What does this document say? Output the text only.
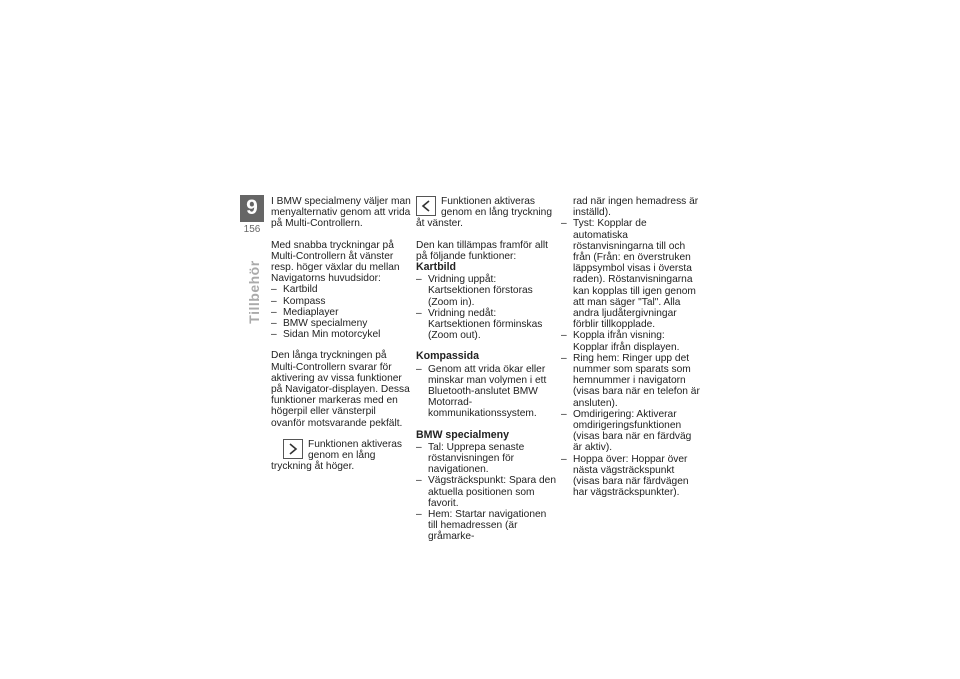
9
156
Tillbehör

I BMW specialmeny väljer man menyalternativ genom att vrida på Multi-Controllern.

Med snabba tryckningar på Multi-Controllern åt vänster resp. höger växlar du mellan Navigatorns huvudsidor:

– Kartbild
– Kompass
– Mediaplayer
– BMW specialmeny
– Sidan Min motorcykel

Den långa tryckningen på Multi-Controllern svarar för aktivering av vissa funktioner på Navigator-displayen. Dessa funktioner markeras med en högerpil eller vänsterpil ovanför motsvarande pekfält.

Funktionen aktiveras genom en lång tryckning åt höger.
Funktionen aktiveras genom en lång tryckning åt vänster.

Den kan tillämpas framför allt på följande funktioner:

Kartbild
– Vridning uppåt: Kartsektionen förstoras (Zoom in).
– Vridning nedåt: Kartsektionen förminskas (Zoom out).
Kompassida
– Genom att vrida ökar eller minskar man volymen i ett Bluetooth-anslutet BMW Motorrad-kommunikationssystem.
BMW specialmeny
– Tal: Upprepa senaste röstanvisningen för navigationen.
– Vägsträckspunkt: Spara den aktuella positionen som favorit.
– Hem: Startar navigationen till hemadressen (är gråmarke-

rad när ingen hemadress är inställd).

– Tyst: Kopplar de automatiska röstanvisningarna till och från (Från: en överstruken läppsymbol visas i översta raden). Röstanvisningarna kan kopplas till igen genom att man säger "Tal". Alla andra ljudåtergivningar förblir tillkopplade.
– Koppla ifrån visning: Kopplar ifrån displayen.
– Ring hem: Ringer upp det nummer som sparats som hemnummer i navigatorn (visas bara när en telefon är ansluten).
– Omdirigering: Aktiverar omdirigeringsfunktionen (visas bara när en färdväg är aktiv).
– Hoppa över: Hoppar över nästa vägsträckspunkt (visas bara när färdvägen har vägsträckspunkter).
